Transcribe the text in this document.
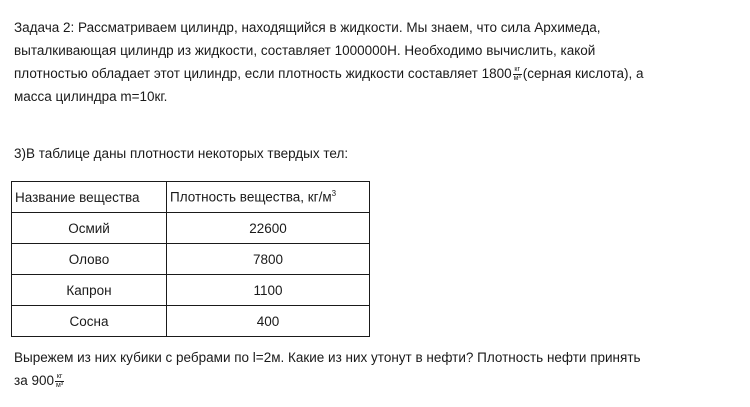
Задача 2: Рассматриваем цилиндр, находящийся в жидкости. Мы знаем, что сила Архимеда,
выталкивающая цилиндр из жидкости, составляет 1000000Н. Необходимо вычислить, какой
плотностью обладает этот цилиндр, если плотность жидкости составляет $1800 \frac{кг}{\text{м³}}$ (серная кислота), а
масса цилиндра m=10кг.

3)В таблице даны плотности некоторых твердых тел:

Название вещества	Плотность вещества, $кг/м^3$
Осмий	22600
Олово	7800
Капрон	1100
Сосна	400

Вырежем из них кубики с ребрами по l=2м. Какие из них утонут в нефти? Плотность нефти принять
за $900 \frac{кг}{\text{м³}}$
